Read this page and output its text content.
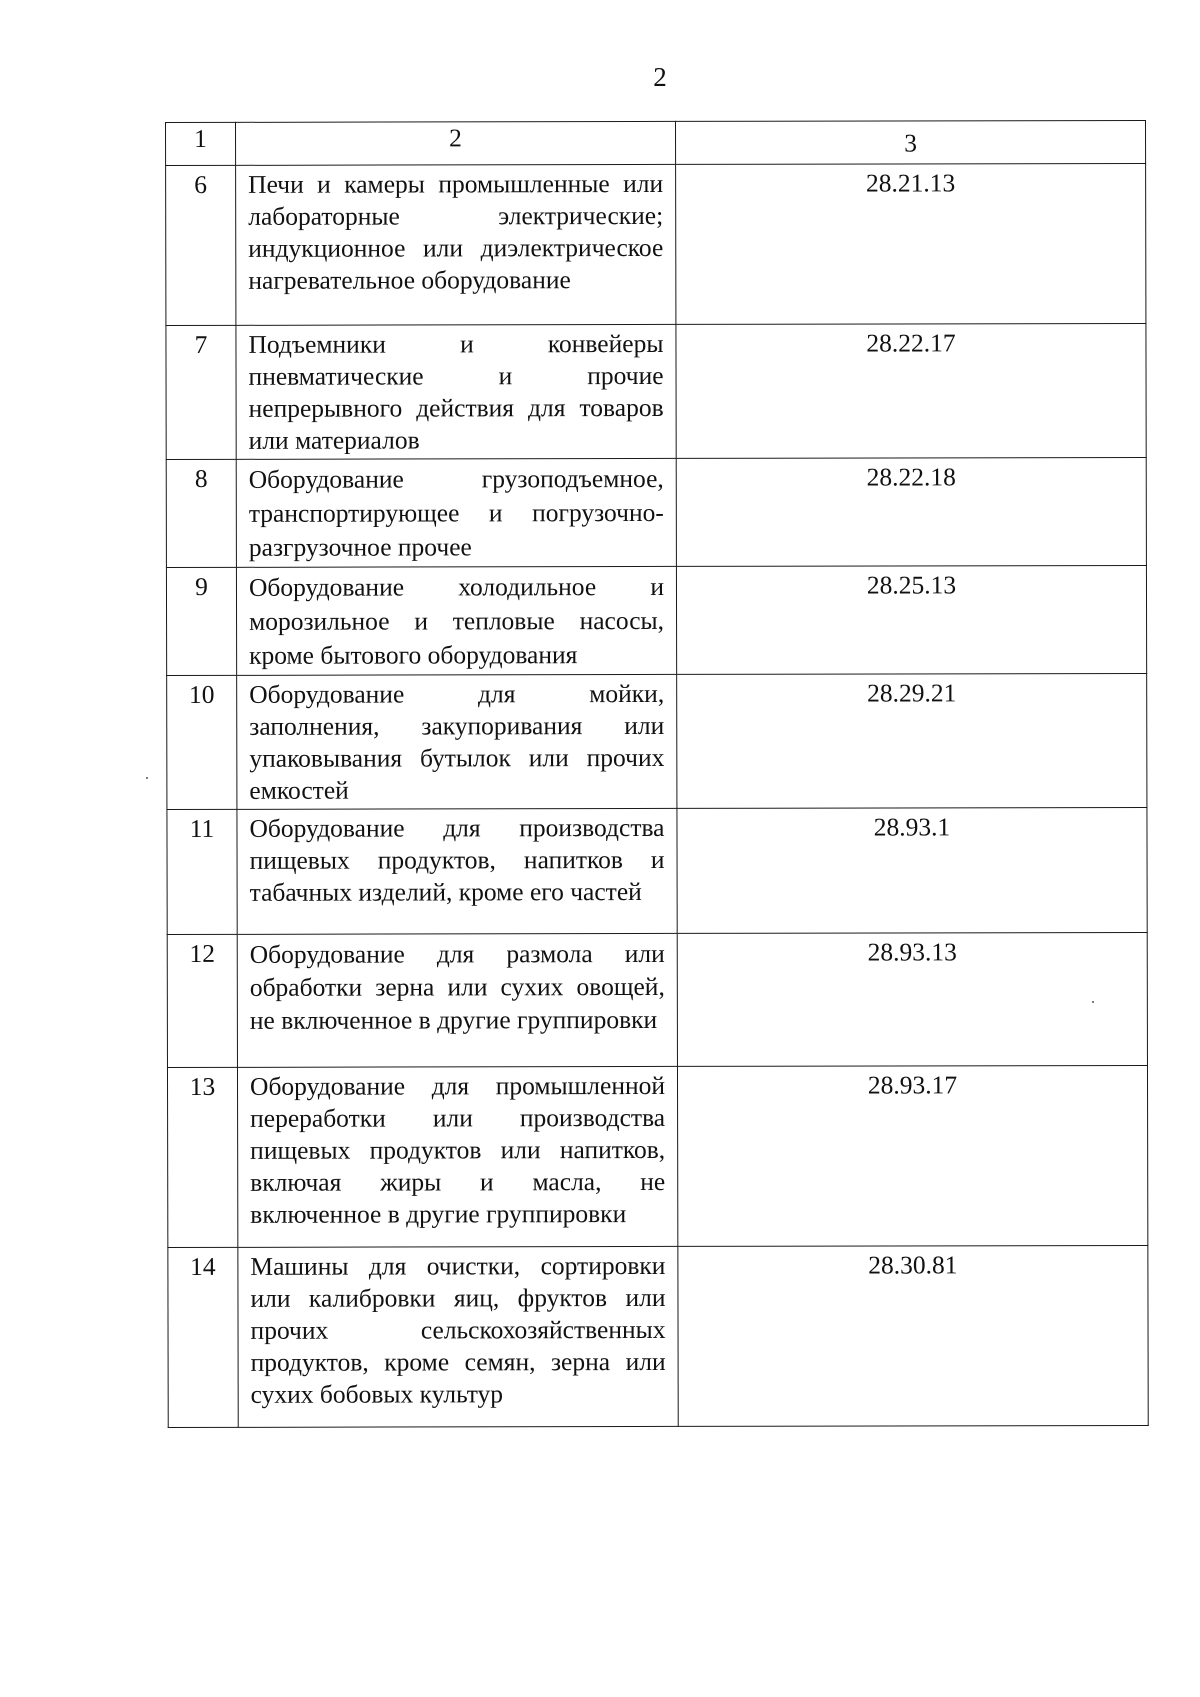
2
1	2	3
6	Печи и камеры промышленные или лабораторные электрические; индукционное или диэлектрическое нагревательное оборудование	28.21.13
7	Подъемники и конвейеры пневматические и прочие непрерывного действия для товаров или материалов	28.22.17
8	Оборудование грузоподъемное, транспортирующее и погрузочно-разгрузочное прочее	28.22.18
9	Оборудование холодильное и морозильное и тепловые насосы, кроме бытового оборудования	28.25.13
10	Оборудование для мойки, заполнения, закупоривания или упаковывания бутылок или прочих емкостей	28.29.21
11	Оборудование для производства пищевых продуктов, напитков и табачных изделий, кроме его частей	28.93.1
12	Оборудование для размола или обработки зерна или сухих овощей, не включенное в другие группировки	28.93.13
13	Оборудование для промышленной переработки или производства пищевых продуктов или напитков, включая жиры и масла, не включенное в другие группировки	28.93.17
14	Машины для очистки, сортировки или калибровки яиц, фруктов или прочих сельскохозяйственных продуктов, кроме семян, зерна или сухих бобовых культур	28.30.81
